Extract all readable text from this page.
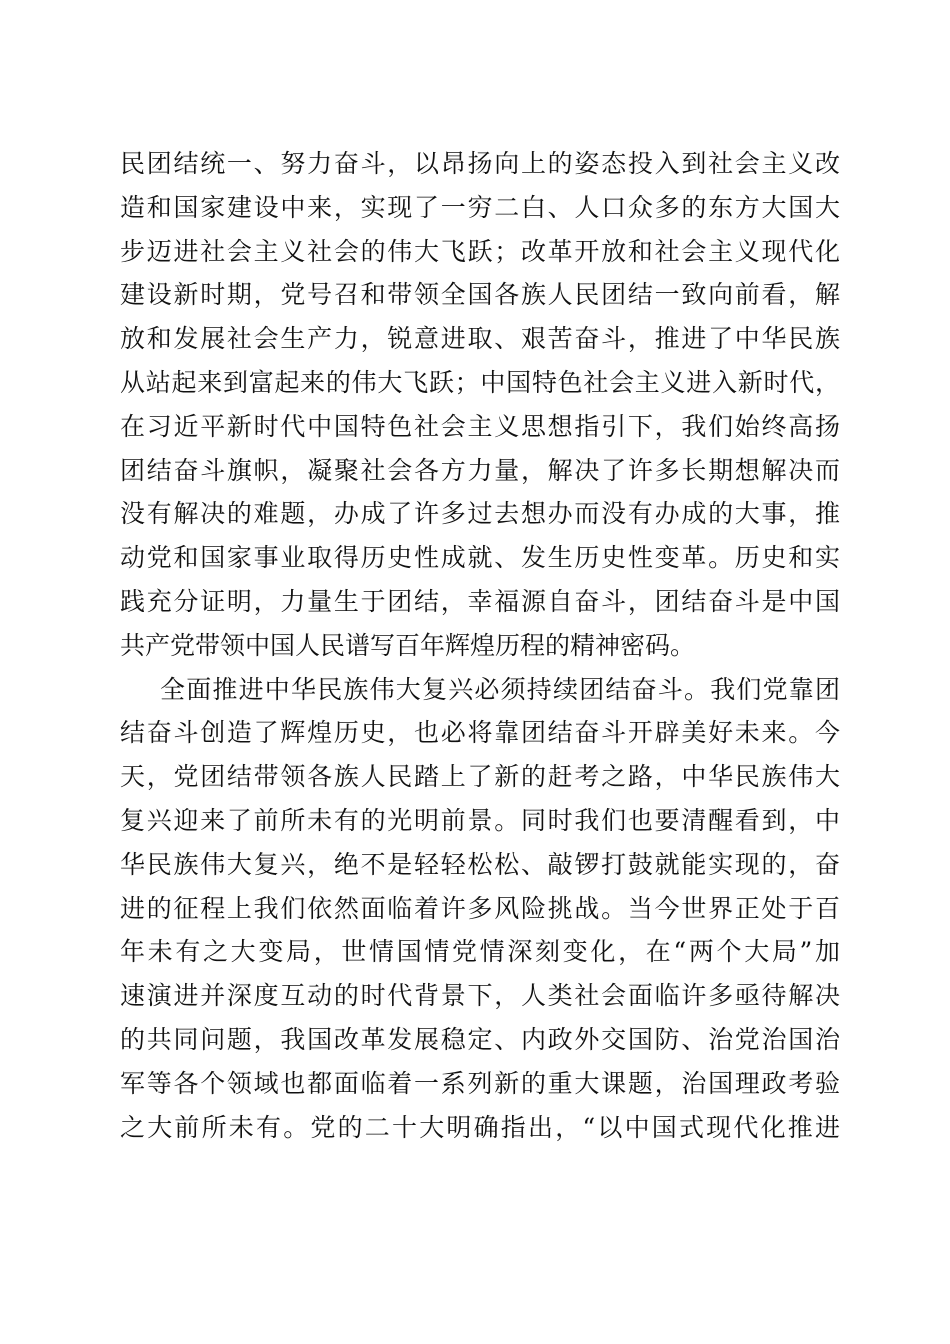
民团结统一、努力奋斗，以昂扬向上的姿态投入到社会主义改
造和国家建设中来，实现了一穷二白、人口众多的东方大国大
步迈进社会主义社会的伟大飞跃；改革开放和社会主义现代化
建设新时期，党号召和带领全国各族人民团结一致向前看，解
放和发展社会生产力，锐意进取、艰苦奋斗，推进了中华民族
从站起来到富起来的伟大飞跃；中国特色社会主义进入新时代，
在习近平新时代中国特色社会主义思想指引下，我们始终高扬
团结奋斗旗帜，凝聚社会各方力量，解决了许多长期想解决而
没有解决的难题，办成了许多过去想办而没有办成的大事，推
动党和国家事业取得历史性成就、发生历史性变革。历史和实
践充分证明，力量生于团结，幸福源自奋斗，团结奋斗是中国
共产党带领中国人民谱写百年辉煌历程的精神密码。
全面推进中华民族伟大复兴必须持续团结奋斗。我们党靠团
结奋斗创造了辉煌历史，也必将靠团结奋斗开辟美好未来。今
天，党团结带领各族人民踏上了新的赶考之路，中华民族伟大
复兴迎来了前所未有的光明前景。同时我们也要清醒看到，中
华民族伟大复兴，绝不是轻轻松松、敲锣打鼓就能实现的，奋
进的征程上我们依然面临着许多风险挑战。当今世界正处于百
年未有之大变局，世情国情党情深刻变化，在“两个大局”加
速演进并深度互动的时代背景下，人类社会面临许多亟待解决
的共同问题，我国改革发展稳定、内政外交国防、治党治国治
军等各个领域也都面临着一系列新的重大课题，治国理政考验
之大前所未有。党的二十大明确指出，“以中国式现代化推进
